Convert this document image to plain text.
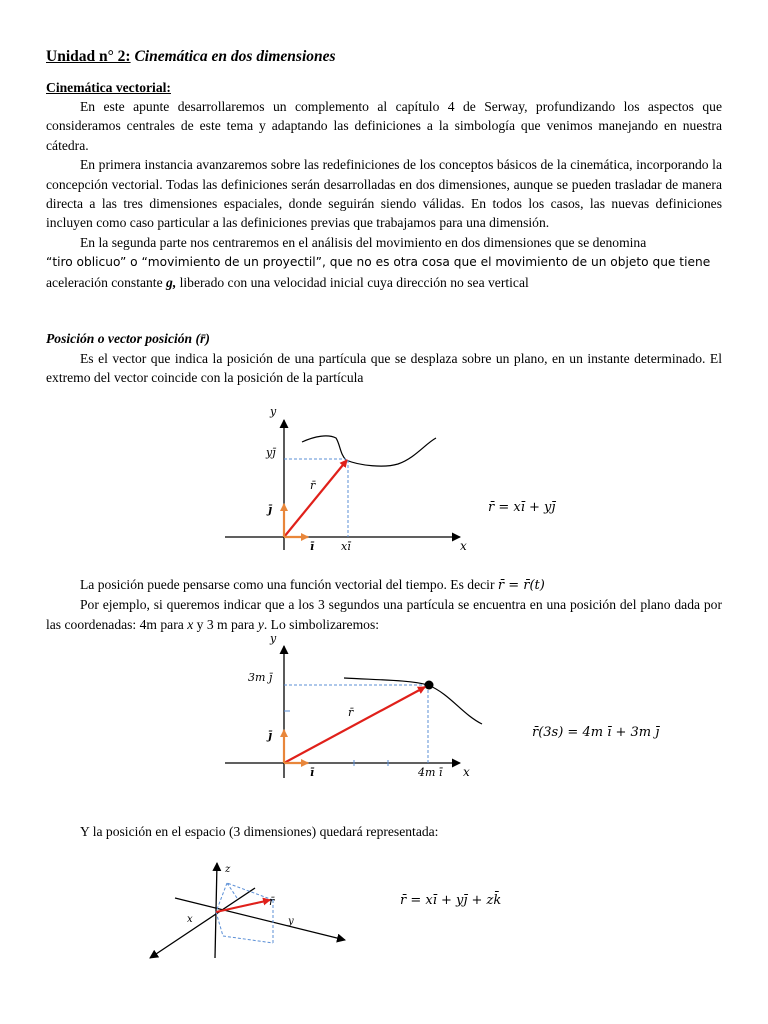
Unidad n° 2: Cinemática en dos dimensiones
Cinemática vectorial:

En este apunte desarrollaremos un complemento al capítulo 4 de Serway, profundizando los aspectos que consideramos centrales de este tema y adaptando las definiciones a la simbología que venimos manejando en nuestra cátedra.

En primera instancia avanzaremos sobre las redefiniciones de los conceptos básicos de la cinemática, incorporando la concepción vectorial. Todas las definiciones serán desarrolladas en dos dimensiones, aunque se pueden trasladar de manera directa a las tres dimensiones espaciales, donde seguirán siendo válidas. En todos los casos, las nuevas definiciones incluyen como caso particular a las definiciones previas que trabajamos para una dimensión.

En la segunda parte nos centraremos en el análisis del movimiento en dos dimensiones que se denomina
“tiro oblicuo” o “movimiento de un proyectil”, que no es otra cosa que el movimiento de un objeto que tiene
aceleración constante g, liberado con una velocidad inicial cuya dirección no sea vertical

Posición o vector posición (r̄)

Es el vector que indica la posición de una partícula que se desplaza sobre un plano, en un instante determinado. El extremo del vector coincide con la posición de la partícula

y
x
yj̄
j̄
ī xī
r̄
r̄ = xī + yj̄

La posición puede pensarse como una función vectorial del tiempo. Es decir r̄ = r̄(t)

Por ejemplo, si queremos indicar que a los 3 segundos una partícula se encuentra en una posición del plano dada por las coordenadas: 4m para x y 3 m para y. Lo simbolizaremos:

y
x
3m j̄
4m ī
j̄
ī
r̄
r̄(3s) = 4m ī + 3m j̄

Y la posición en el espacio (3 dimensiones) quedará representada:

z
x	y
r̄	r̄ = xī + yj̄ + zk̄
